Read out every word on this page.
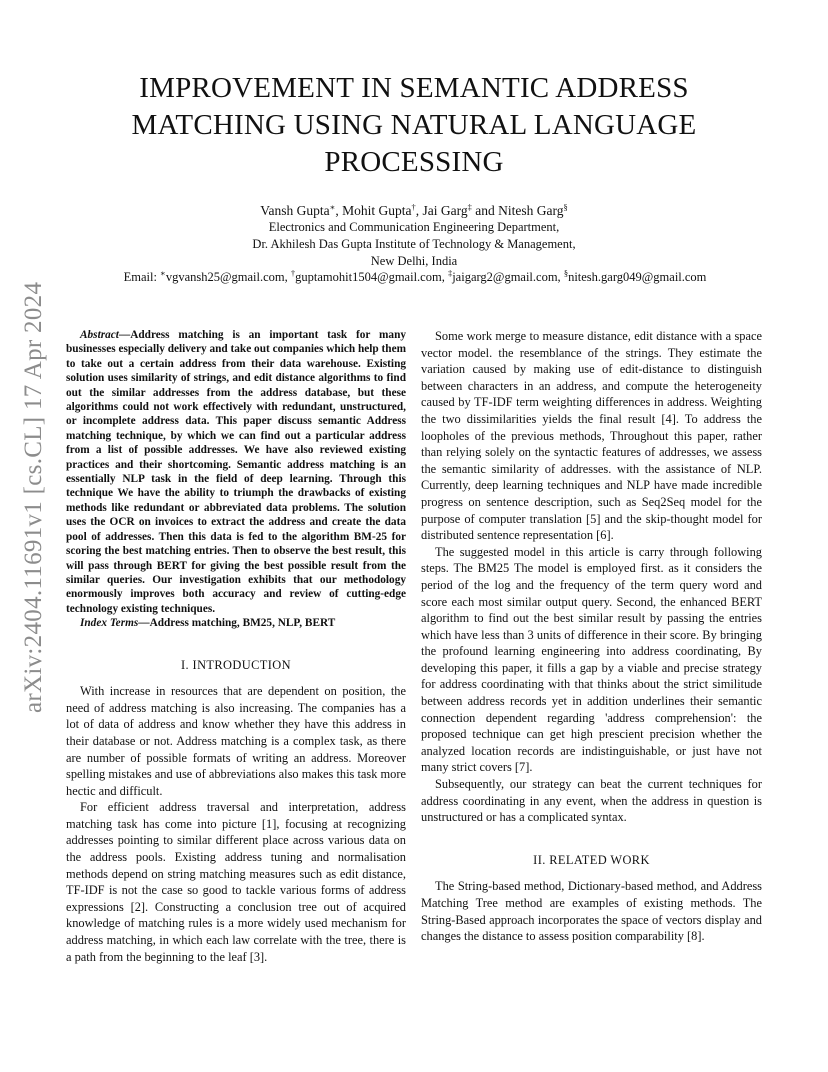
arXiv:2404.11691v1 [cs.CL] 17 Apr 2024
IMPROVEMENT IN SEMANTIC ADDRESS MATCHING USING NATURAL LANGUAGE PROCESSING
Vansh Gupta∗, Mohit Gupta†, Jai Garg‡ and Nitesh Garg§
Electronics and Communication Engineering Department,
Dr. Akhilesh Das Gupta Institute of Technology & Management,
New Delhi, India
Email: ∗vgvansh25@gmail.com, †guptamohit1504@gmail.com, ‡jaigarg2@gmail.com, §nitesh.garg049@gmail.com

Abstract—Address matching is an important task for many businesses especially delivery and take out companies which help them to take out a certain address from their data warehouse. Existing solution uses similarity of strings, and edit distance algorithms to find out the similar addresses from the address database, but these algorithms could not work effectively with redundant, unstructured, or incomplete address data. This paper discuss semantic Address matching technique, by which we can find out a particular address from a list of possible addresses. We have also reviewed existing practices and their shortcoming. Semantic address matching is an essentially NLP task in the field of deep learning. Through this technique We have the ability to triumph the drawbacks of existing methods like redundant or abbreviated data problems. The solution uses the OCR on invoices to extract the address and create the data pool of addresses. Then this data is fed to the algorithm BM-25 for scoring the best matching entries. Then to observe the best result, this will pass through BERT for giving the best possible result from the similar queries. Our investigation exhibits that our methodology enormously improves both accuracy and review of cutting-edge technology existing techniques.

Index Terms—Address matching, BM25, NLP, BERT

I. INTRODUCTION

With increase in resources that are dependent on position, the need of address matching is also increasing. The companies has a lot of data of address and know whether they have this address in their database or not. Address matching is a complex task, as there are number of possible formats of writing an address. Moreover spelling mistakes and use of abbreviations also makes this task more hectic and difficult.

For efficient address traversal and interpretation, address matching task has come into picture [1], focusing at recognizing addresses pointing to similar different place across various data on the address pools. Existing address tuning and normalisation methods depend on string matching measures such as edit distance, TF-IDF is not the case so good to tackle various forms of address expressions [2]. Constructing a conclusion tree out of acquired knowledge of matching rules is a more widely used mechanism for address matching, in which each law correlate with the tree, there is a path from the beginning to the leaf [3].

Some work merge to measure distance, edit distance with a space vector model. the resemblance of the strings. They estimate the variation caused by making use of edit-distance to distinguish between characters in an address, and compute the heterogeneity caused by TF-IDF term weighting differences in address. Weighting the two dissimilarities yields the final result [4]. To address the loopholes of the previous methods, Throughout this paper, rather than relying solely on the syntactic features of addresses, we assess the semantic similarity of addresses. with the assistance of NLP. Currently, deep learning techniques and NLP have made incredible progress on sentence description, such as Seq2Seq model for the purpose of computer translation [5] and the skip-thought model for distributed sentence representation [6].

The suggested model in this article is carry through following steps. The BM25 The model is employed first. as it considers the period of the log and the frequency of the term query word and score each most similar output query. Second, the enhanced BERT algorithm to find out the best similar result by passing the entries which have less than 3 units of difference in their score. By bringing the profound learning engineering into address coordinating, By developing this paper, it fills a gap by a viable and precise strategy for address coordinating with that thinks about the strict similitude between address records yet in addition underlines their semantic connection dependent regarding 'address comprehension': the proposed technique can get high prescient precision whether the analyzed location records are indistinguishable, or just have not many strict covers [7].

Subsequently, our strategy can beat the current techniques for address coordinating in any event, when the address in question is unstructured or has a complicated syntax.

II. RELATED WORK

The String-based method, Dictionary-based method, and Address Matching Tree method are examples of existing methods. The String-Based approach incorporates the space of vectors display and changes the distance to assess position comparability [8].
